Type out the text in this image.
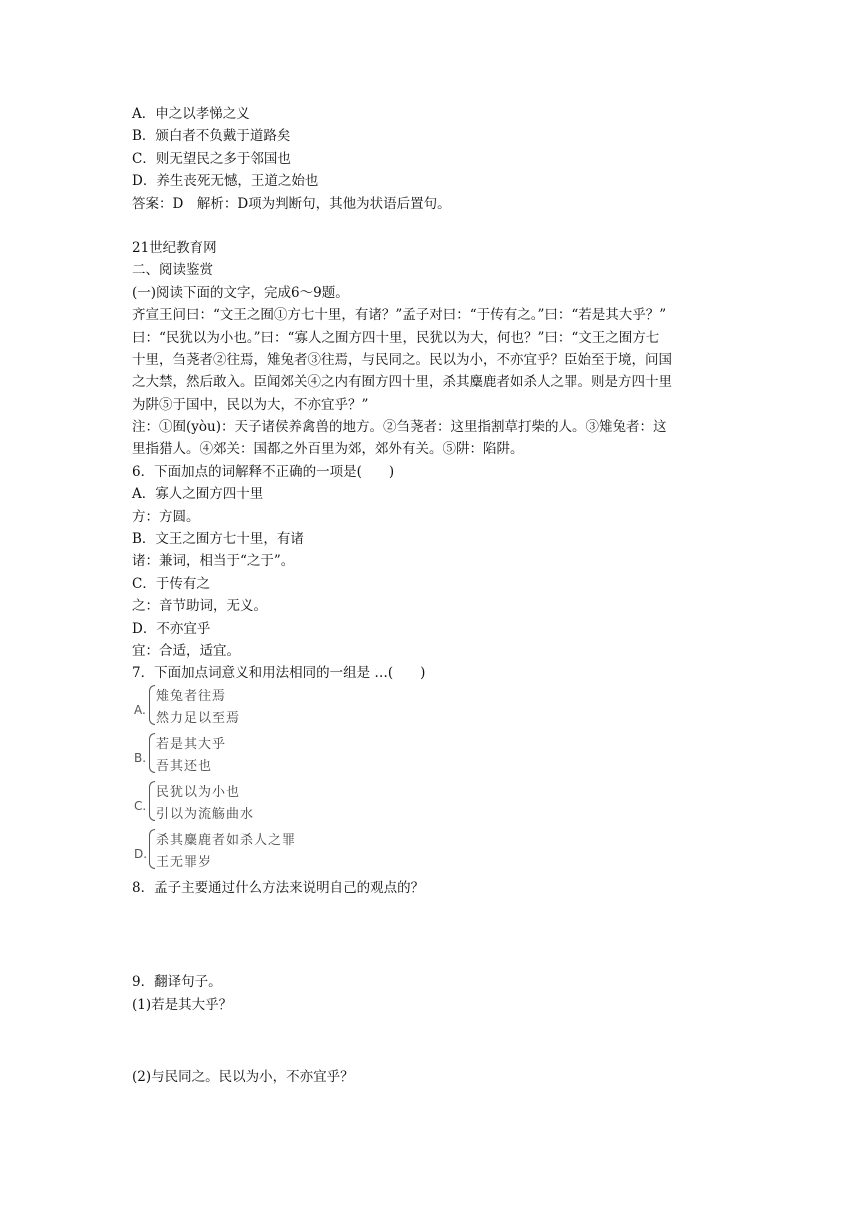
A．申之以孝悌之义
B．颁白者不负戴于道路矣
C．则无望民之多于邻国也
D．养生丧死无憾，王道之始也
答案：D　解析：D项为判断句，其他为状语后置句。
21世纪教育网
二、阅读鉴赏
(一)阅读下面的文字，完成6～9题。
齐宣王问曰：“文王之囿①方七十里，有诸？”孟子对曰：“于传有之。”曰：“若是其大乎？”
曰：“民犹以为小也。”曰：“寡人之囿方四十里，民犹以为大，何也？”曰：“文王之囿方七
十里，刍荛者②往焉，雉兔者③往焉，与民同之。民以为小，不亦宜乎？臣始至于境，问国
之大禁，然后敢入。臣闻郊关④之内有囿方四十里，杀其麋鹿者如杀人之罪。则是方四十里
为阱⑤于国中，民以为大，不亦宜乎？”
注：①囿(yòu)：天子诸侯养禽兽的地方。②刍荛者：这里指割草打柴的人。③雉兔者：这
里指猎人。④郊关：国都之外百里为郊，郊外有关。⑤阱：陷阱。
6．下面加点的词解释不正确的一项是(　　)
A．寡人之囿方四十里
方：方圆。
B．文王之囿方七十里，有诸
诸：兼词，相当于“之于”。
C．于传有之
之：音节助词，无义。
D．不亦宜乎
宜：合适，适宜。
7．下面加点词意义和用法相同的一组是 …(　　)
A.
雉兔者往焉
然力足以至焉
B.
若是其大乎
吾其还也
C.
民犹以为小也
引以为流觞曲水
D.
杀其麋鹿者如杀人之罪
王无罪岁
8．孟子主要通过什么方法来说明自己的观点的？
9．翻译句子。
(1)若是其大乎？
(2)与民同之。民以为小，不亦宜乎？
